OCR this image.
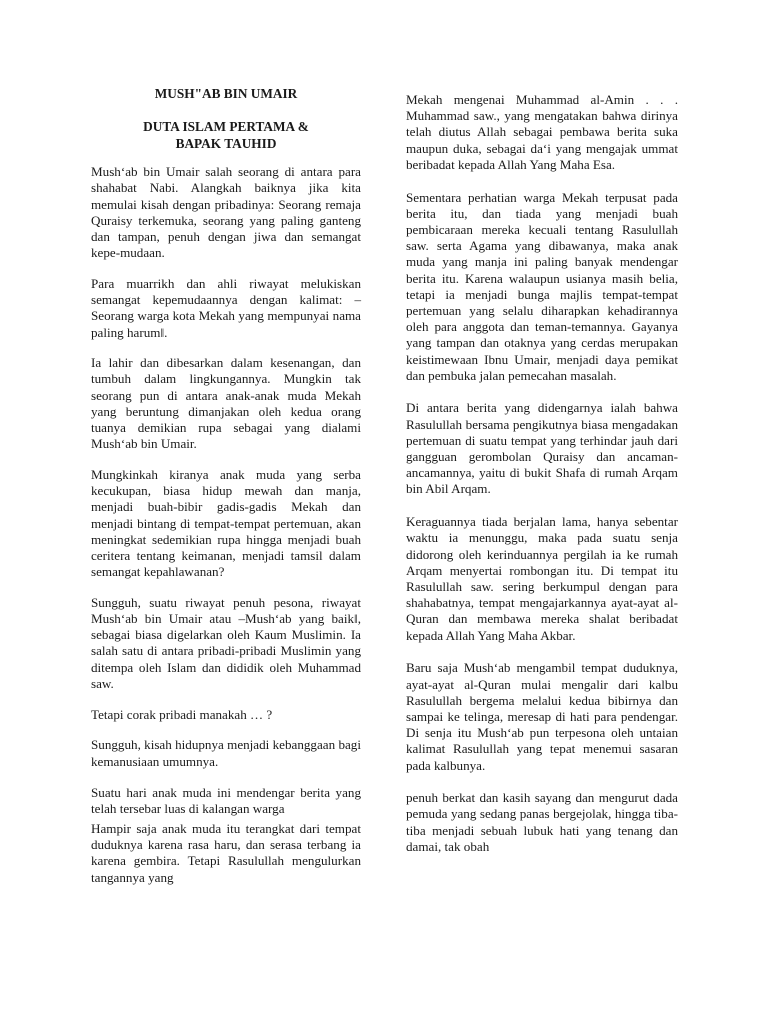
MUSH"AB BIN UMAIR
DUTA ISLAM PERTAMA &
BAPAK TAUHID

Mush‘ab bin Umair salah seorang di antara para shahabat Nabi. Alangkah baiknya jika kita memulai kisah dengan pribadinya: Seorang remaja Quraisy terkemuka, seorang yang paling ganteng dan tampan, penuh dengan jiwa dan semangat kepe-mudaan.

Para muarrikh dan ahli riwayat melukiskan semangat kepemudaannya dengan kalimat: –Seorang warga kota Mekah yang mempunyai nama paling harum‖.

Ia lahir dan dibesarkan dalam kesenangan, dan tumbuh dalam lingkungannya. Mungkin tak seorang pun di antara anak-anak muda Mekah yang beruntung dimanjakan oleh kedua orang tuanya demikian rupa sebagai yang dialami Mush‘ab bin Umair.

Mungkinkah kiranya anak muda yang serba kecukupan, biasa hidup mewah dan manja, menjadi buah-bibir gadis-gadis Mekah dan menjadi bintang di tempat-tempat pertemuan, akan meningkat sedemikian rupa hingga menjadi buah ceritera tentang keimanan, menjadi tamsil dalam semangat kepahlawanan?

Sungguh, suatu riwayat penuh pesona, riwayat Mush‘ab bin Umair atau –Mush‘ab yang baik‖, sebagai biasa digelarkan oleh Kaum Muslimin. Ia salah satu di antara pribadi-pribadi Muslimin yang ditempa oleh Islam dan dididik oleh Muhammad saw.

Tetapi corak pribadi manakah … ?

Sungguh, kisah hidupnya menjadi kebanggaan bagi kemanusiaan umumnya.

Suatu hari anak muda ini mendengar berita yang telah tersebar luas di kalangan warga

Hampir saja anak muda itu terangkat dari tempat duduknya karena rasa haru, dan serasa terbang ia karena gembira. Tetapi Rasulullah mengulurkan tangannya yang

Mekah mengenai Muhammad al-Amin . . . Muhammad saw., yang mengatakan bahwa dirinya telah diutus Allah sebagai pembawa berita suka maupun duka, sebagai da‘i yang mengajak ummat beribadat kepada Allah Yang Maha Esa.

Sementara perhatian warga Mekah terpusat pada berita itu, dan tiada yang menjadi buah pembicaraan mereka kecuali tentang Rasulullah saw. serta Agama yang dibawanya, maka anak muda yang manja ini paling banyak mendengar berita itu. Karena walaupun usianya masih belia, tetapi ia menjadi bunga majlis tempat-tempat pertemuan yang selalu diharapkan kehadirannya oleh para anggota dan teman-temannya. Gayanya yang tampan dan otaknya yang cerdas merupakan keistimewaan Ibnu Umair, menjadi daya pemikat dan pembuka jalan pemecahan masalah.

Di antara berita yang didengarnya ialah bahwa Rasulullah bersama pengikutnya biasa mengadakan pertemuan di suatu tempat yang terhindar jauh dari gangguan gerombolan Quraisy dan ancaman-ancamannya, yaitu di bukit Shafa di rumah Arqam bin Abil Arqam.

Keraguannya tiada berjalan lama, hanya sebentar waktu ia menunggu, maka pada suatu senja didorong oleh kerinduannya pergilah ia ke rumah Arqam menyertai rombongan itu. Di tempat itu Rasulullah saw. sering berkumpul dengan para shahabatnya, tempat mengajarkannya ayat-ayat al-Quran dan membawa mereka shalat beribadat kepada Allah Yang Maha Akbar.

Baru saja Mush‘ab mengambil tempat duduknya, ayat-ayat al-Quran mulai mengalir dari kalbu Rasulullah bergema melalui kedua bibirnya dan sampai ke telinga, meresap di hati para pendengar. Di senja itu Mush‘ab pun terpesona oleh untaian kalimat Rasulullah yang tepat menemui sasaran pada kalbunya.

penuh berkat dan kasih sayang dan mengurut dada pemuda yang sedang panas bergejolak, hingga tiba-tiba menjadi sebuah lubuk hati yang tenang dan damai, tak obah
